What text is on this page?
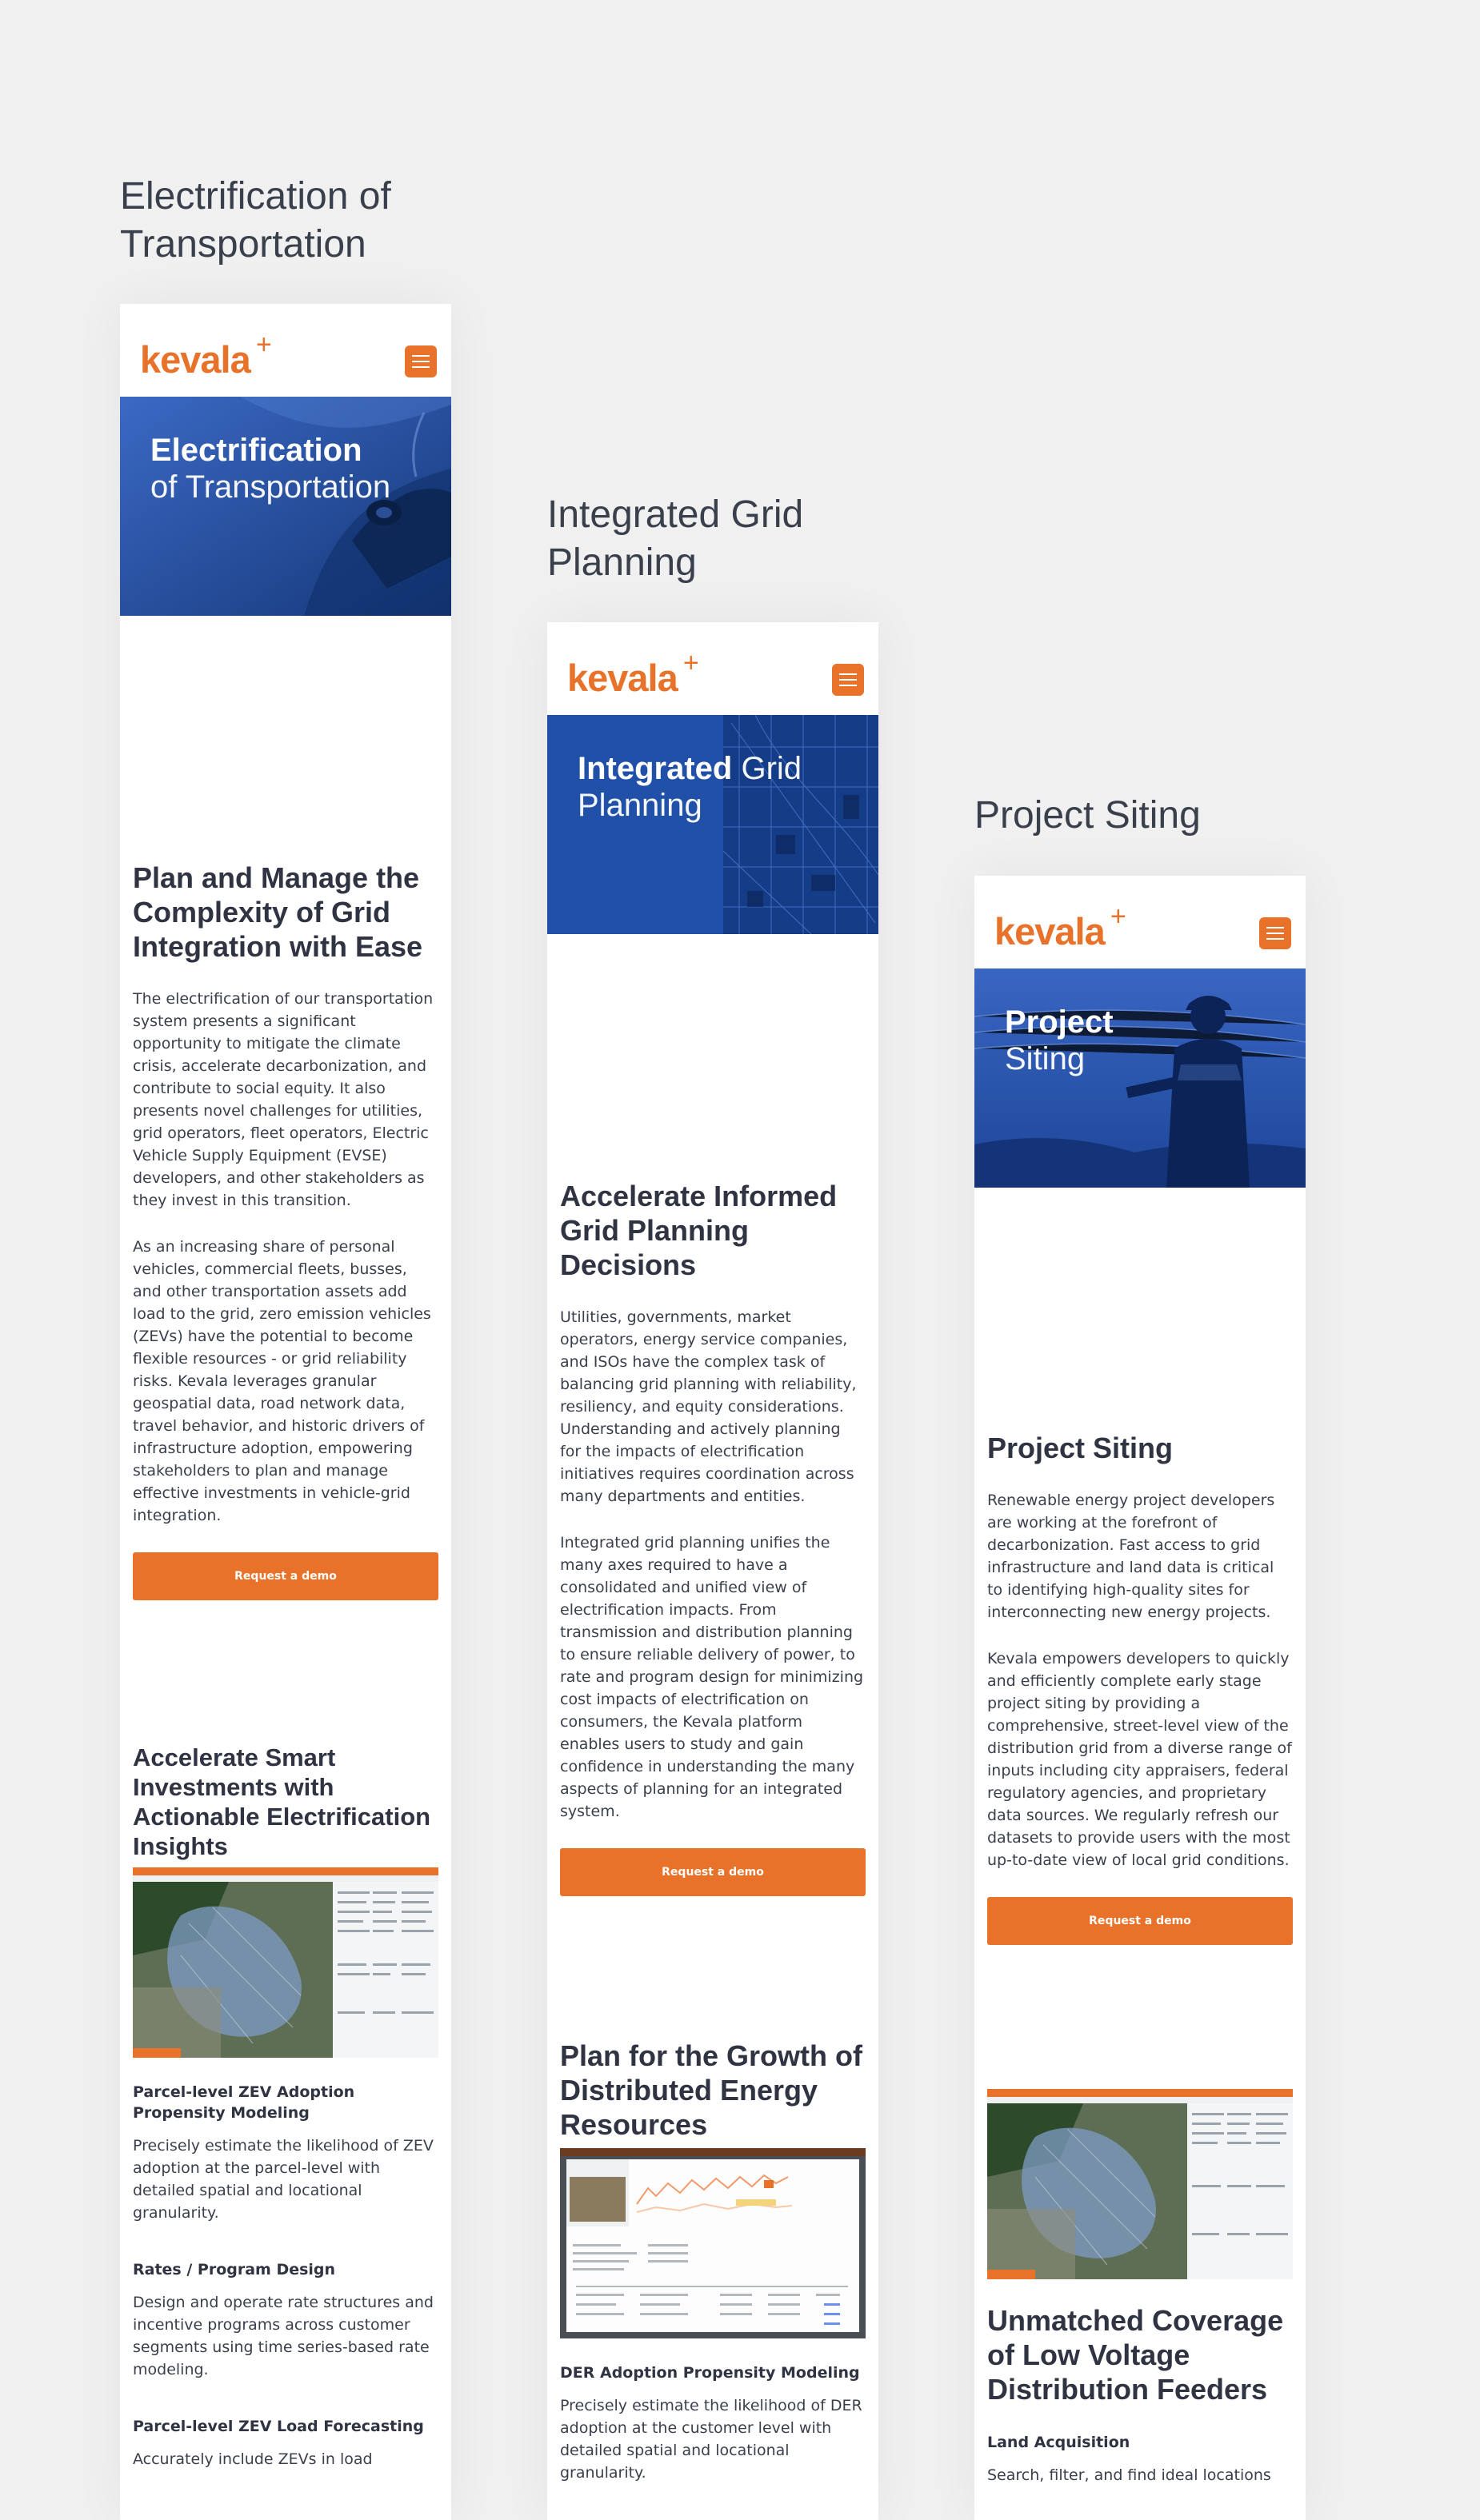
Electrification of Transportation
kevala +
Electrification
of Transportation
Plan and Manage the Complexity of Grid Integration with Ease

The electrification of our transportation system presents a significant opportunity to mitigate the climate crisis, accelerate decarbonization, and contribute to social equity. It also presents novel challenges for utilities, grid operators, fleet operators, Electric Vehicle Supply Equipment (EVSE) developers, and other stakeholders as they invest in this transition.

As an increasing share of personal vehicles, commercial fleets, busses, and other transportation assets add load to the grid, zero emission vehicles (ZEVs) have the potential to become flexible resources - or grid reliability risks. Kevala leverages granular geospatial data, road network data, travel behavior, and historic drivers of infrastructure adoption, empowering stakeholders to plan and manage effective investments in vehicle-grid integration.

Request a demo
Accelerate Smart Investments with Actionable Electrification Insights
Parcel-level ZEV Adoption Propensity Modeling

Precisely estimate the likelihood of ZEV adoption at the parcel-level with detailed spatial and locational granularity.

Rates / Program Design

Design and operate rate structures and incentive programs across customer segments using time series-based rate modeling.

Parcel-level ZEV Load Forecasting

Accurately include ZEVs in load

Integrated Grid Planning
kevala +
Integrated Grid
Planning
Accelerate Informed Grid Planning Decisions

Utilities, governments, market operators, energy service companies, and ISOs have the complex task of balancing grid planning with reliability, resiliency, and equity considerations. Understanding and actively planning for the impacts of electrification initiatives requires coordination across many departments and entities.

Integrated grid planning unifies the many axes required to have a consolidated and unified view of electrification impacts. From transmission and distribution planning to ensure reliable delivery of power, to rate and program design for minimizing cost impacts of electrification on consumers, the Kevala platform enables users to study and gain confidence in understanding the many aspects of planning for an integrated system.

Request a demo
Plan for the Growth of Distributed Energy Resources
DER Adoption Propensity Modeling

Precisely estimate the likelihood of DER adoption at the customer level with detailed spatial and locational granularity.

Project Siting
kevala +
Project
Siting
Project Siting

Renewable energy project developers are working at the forefront of decarbonization. Fast access to grid infrastructure and land data is critical to identifying high-quality sites for interconnecting new energy projects.

Kevala empowers developers to quickly and efficiently complete early stage project siting by providing a comprehensive, street-level view of the distribution grid from a diverse range of inputs including city appraisers, federal regulatory agencies, and proprietary data sources. We regularly refresh our datasets to provide users with the most up-to-date view of local grid conditions.

Request a demo
Unmatched Coverage of Low Voltage Distribution Feeders
Land Acquisition

Search, filter, and find ideal locations
